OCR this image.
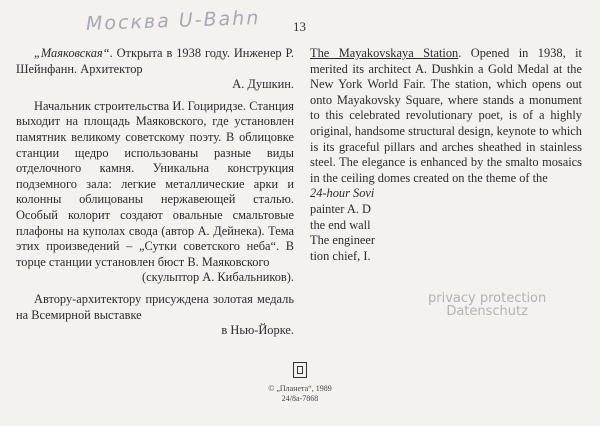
Москва U-Bahn 13

„Маяковская“. Открыта в 1938 году. Инженер Р. Шейнфанн. Архитектор
А. Душкин.

Начальник строительства И. Гоциридзе. Станция выходит на площадь Маяковского, где установлен памятник великому советскому поэту. В облицовке станции щедро использованы разные виды отделочного камня. Уникальна конструкция подземного зала: легкие металлические арки и колонны облицованы нержавеющей сталью. Особый колорит создают овальные смальтовые плафоны на куполах свода (автор А. Дейнека). Тема этих произведений – „Сутки советского неба“. В торце станции установлен бюст В. Маяковского
(скульптор А. Кибальников).

Автору-архитектору присуждена золотая медаль на Всемирной выставке
в Нью-Йорке.

The Mayakovskaya Station. Opened in 1938, it merited its architect A. Dushkin a Gold Medal at the New York World Fair. The station, which opens out onto Mayakovsky Square, where stands a monument to this celebrated revolutionary poet, is of a highly original, handsome structural design, keynote to which is its graceful pillars and arches sheathed in stainless steel. The elegance is enhanced by the smalto mosaics in the ceiling domes created on the theme of the
24-hour Sovi
painter A. D
the end wall
The engineer
tion chief, I.
privacy protection
Datenschutz
© „Планета“, 1989
24/8а-7868
